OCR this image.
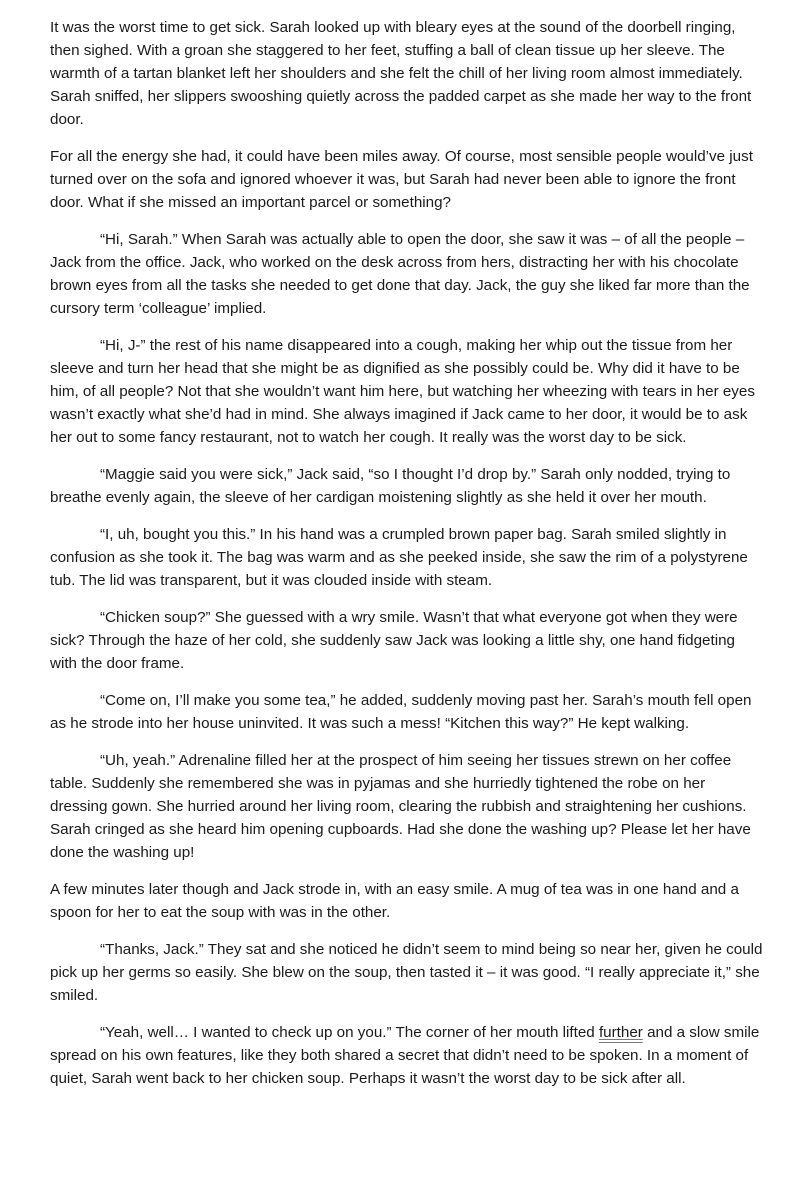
It was the worst time to get sick. Sarah looked up with bleary eyes at the sound of the doorbell ringing, then sighed. With a groan she staggered to her feet, stuffing a ball of clean tissue up her sleeve. The warmth of a tartan blanket left her shoulders and she felt the chill of her living room almost immediately. Sarah sniffed, her slippers swooshing quietly across the padded carpet as she made her way to the front door.

For all the energy she had, it could have been miles away. Of course, most sensible people would’ve just turned over on the sofa and ignored whoever it was, but Sarah had never been able to ignore the front door. What if she missed an important parcel or something?

“Hi, Sarah.” When Sarah was actually able to open the door, she saw it was – of all the people – Jack from the office. Jack, who worked on the desk across from hers, distracting her with his chocolate brown eyes from all the tasks she needed to get done that day. Jack, the guy she liked far more than the cursory term ‘colleague’ implied.

“Hi, J-” the rest of his name disappeared into a cough, making her whip out the tissue from her sleeve and turn her head that she might be as dignified as she possibly could be. Why did it have to be him, of all people? Not that she wouldn’t want him here, but watching her wheezing with tears in her eyes wasn’t exactly what she’d had in mind. She always imagined if Jack came to her door, it would be to ask her out to some fancy restaurant, not to watch her cough. It really was the worst day to be sick.

“Maggie said you were sick,” Jack said, “so I thought I’d drop by.” Sarah only nodded, trying to breathe evenly again, the sleeve of her cardigan moistening slightly as she held it over her mouth.

“I, uh, bought you this.” In his hand was a crumpled brown paper bag. Sarah smiled slightly in confusion as she took it. The bag was warm and as she peeked inside, she saw the rim of a polystyrene tub. The lid was transparent, but it was clouded inside with steam.

“Chicken soup?” She guessed with a wry smile. Wasn’t that what everyone got when they were sick? Through the haze of her cold, she suddenly saw Jack was looking a little shy, one hand fidgeting with the door frame.

“Come on, I’ll make you some tea,” he added, suddenly moving past her. Sarah’s mouth fell open as he strode into her house uninvited. It was such a mess! “Kitchen this way?” He kept walking.

“Uh, yeah.” Adrenaline filled her at the prospect of him seeing her tissues strewn on her coffee table. Suddenly she remembered she was in pyjamas and she hurriedly tightened the robe on her dressing gown. She hurried around her living room, clearing the rubbish and straightening her cushions. Sarah cringed as she heard him opening cupboards. Had she done the washing up? Please let her have done the washing up!

A few minutes later though and Jack strode in, with an easy smile. A mug of tea was in one hand and a spoon for her to eat the soup with was in the other.

“Thanks, Jack.” They sat and she noticed he didn’t seem to mind being so near her, given he could pick up her germs so easily. She blew on the soup, then tasted it – it was good. “I really appreciate it,” she smiled.

“Yeah, well… I wanted to check up on you.” The corner of her mouth lifted further and a slow smile spread on his own features, like they both shared a secret that didn’t need to be spoken. In a moment of quiet, Sarah went back to her chicken soup. Perhaps it wasn’t the worst day to be sick after all.
